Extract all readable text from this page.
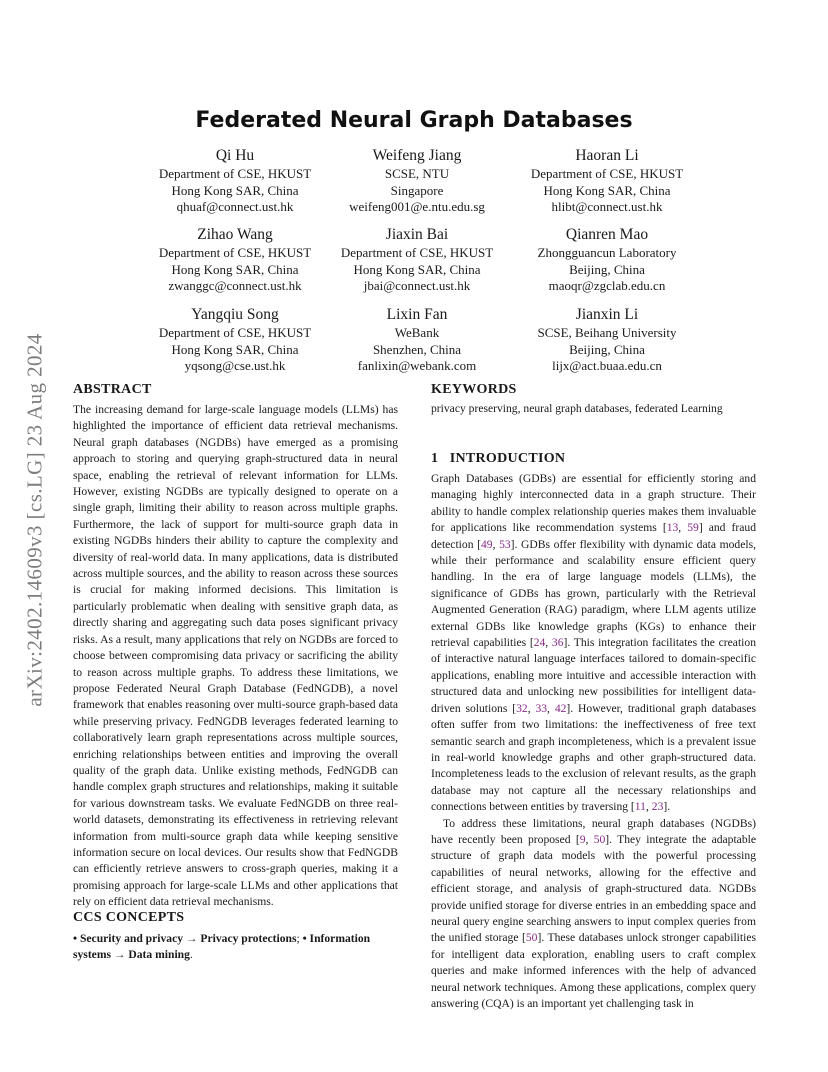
arXiv:2402.14609v3 [cs.LG] 23 Aug 2024
Federated Neural Graph Databases
Qi Hu
Department of CSE, HKUST
Hong Kong SAR, China
qhuaf@connect.ust.hk
Weifeng Jiang
SCSE, NTU
Singapore
weifeng001@e.ntu.edu.sg
Haoran Li
Department of CSE, HKUST
Hong Kong SAR, China
hlibt@connect.ust.hk
Zihao Wang
Department of CSE, HKUST
Hong Kong SAR, China
zwanggc@connect.ust.hk
Jiaxin Bai
Department of CSE, HKUST
Hong Kong SAR, China
jbai@connect.ust.hk
Qianren Mao
Zhongguancun Laboratory
Beijing, China
maoqr@zgclab.edu.cn
Yangqiu Song
Department of CSE, HKUST
Hong Kong SAR, China
yqsong@cse.ust.hk
Lixin Fan
WeBank
Shenzhen, China
fanlixin@webank.com
Jianxin Li
SCSE, Beihang University
Beijing, China
lijx@act.buaa.edu.cn
ABSTRACT

The increasing demand for large-scale language models (LLMs) has highlighted the importance of efficient data retrieval mechanisms. Neural graph databases (NGDBs) have emerged as a promising approach to storing and querying graph-structured data in neural space, enabling the retrieval of relevant information for LLMs. However, existing NGDBs are typically designed to operate on a single graph, limiting their ability to reason across multiple graphs. Furthermore, the lack of support for multi-source graph data in existing NGDBs hinders their ability to capture the complexity and diversity of real-world data. In many applications, data is distributed across multiple sources, and the ability to reason across these sources is crucial for making informed decisions. This limitation is particularly problematic when dealing with sensitive graph data, as directly sharing and aggregating such data poses significant privacy risks. As a result, many applications that rely on NGDBs are forced to choose between compromising data privacy or sacrificing the ability to reason across multiple graphs. To address these limitations, we propose Federated Neural Graph Database (FedNGDB), a novel framework that enables reasoning over multi-source graph-based data while preserving privacy. FedNGDB leverages federated learning to collaboratively learn graph representations across multiple sources, enriching relationships between entities and improving the overall quality of the graph data. Unlike existing methods, FedNGDB can handle complex graph structures and relationships, making it suitable for various downstream tasks. We evaluate FedNGDB on three real-world datasets, demonstrating its effectiveness in retrieving relevant information from multi-source graph data while keeping sensitive information secure on local devices. Our results show that FedNGDB can efficiently retrieve answers to cross-graph queries, making it a promising approach for large-scale LLMs and other applications that rely on efficient data retrieval mechanisms.

CCS CONCEPTS
• Security and privacy → Privacy protections; • Information systems → Data mining.
KEYWORDS
privacy preserving, neural graph databases, federated Learning
1   INTRODUCTION

Graph Databases (GDBs) are essential for efficiently storing and managing highly interconnected data in a graph structure. Their ability to handle complex relationship queries makes them invaluable for applications like recommendation systems [13, 59] and fraud detection [49, 53]. GDBs offer flexibility with dynamic data models, while their performance and scalability ensure efficient query handling. In the era of large language models (LLMs), the significance of GDBs has grown, particularly with the Retrieval Augmented Generation (RAG) paradigm, where LLM agents utilize external GDBs like knowledge graphs (KGs) to enhance their retrieval capabilities [24, 36]. This integration facilitates the creation of interactive natural language interfaces tailored to domain-specific applications, enabling more intuitive and accessible interaction with structured data and unlocking new possibilities for intelligent data-driven solutions [32, 33, 42]. However, traditional graph databases often suffer from two limitations: the ineffectiveness of free text semantic search and graph incompleteness, which is a prevalent issue in real-world knowledge graphs and other graph-structured data. Incompleteness leads to the exclusion of relevant results, as the graph database may not capture all the necessary relationships and connections between entities by traversing [11, 23].

To address these limitations, neural graph databases (NGDBs) have recently been proposed [9, 50]. They integrate the adaptable structure of graph data models with the powerful processing capabilities of neural networks, allowing for the effective and efficient storage, and analysis of graph-structured data. NGDBs provide unified storage for diverse entries in an embedding space and neural query engine searching answers to input complex queries from the unified storage [50]. These databases unlock stronger capabilities for intelligent data exploration, enabling users to craft complex queries and make informed inferences with the help of advanced neural network techniques. Among these applications, complex query answering (CQA) is an important yet challenging task in
